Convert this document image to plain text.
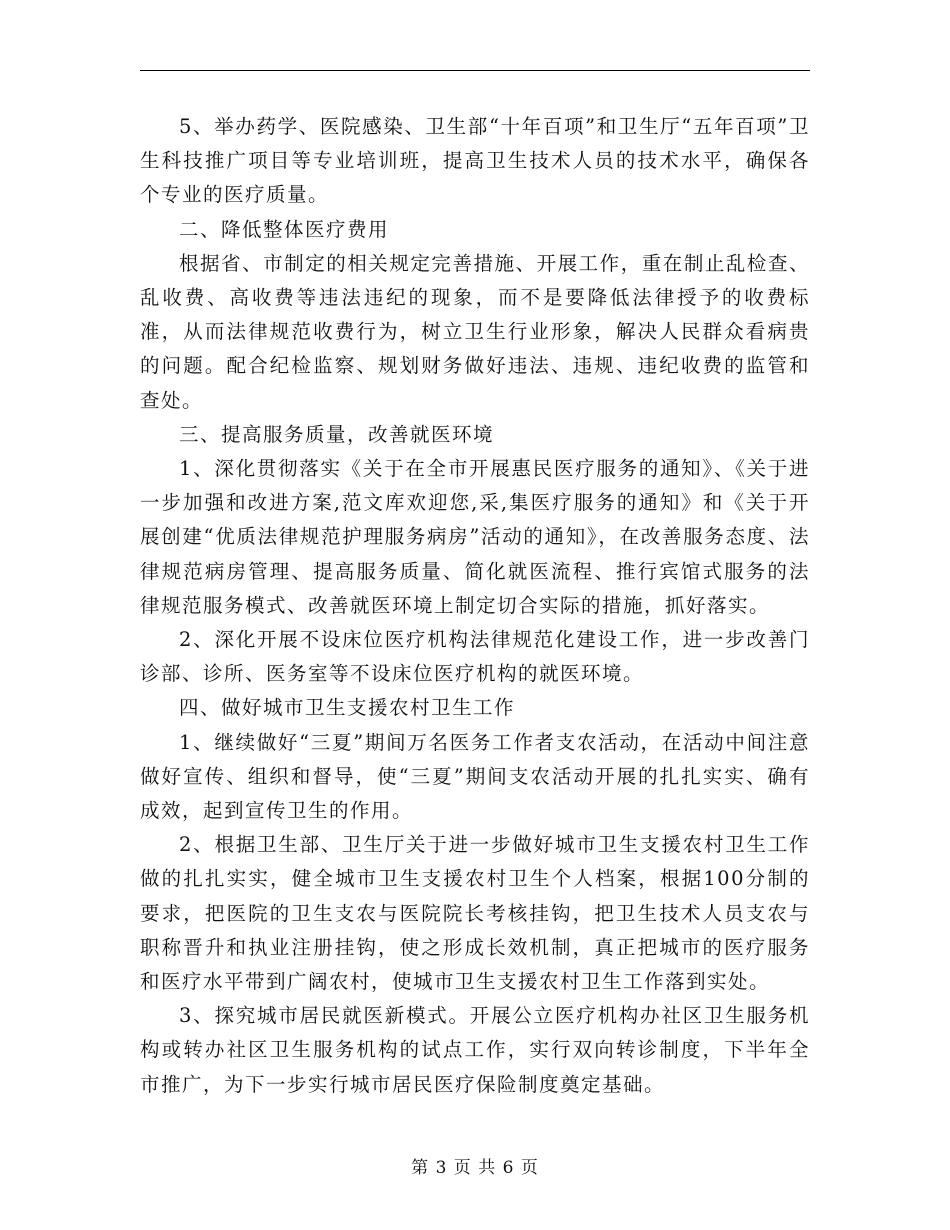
5、举办药学、医院感染、卫生部“十年百项”和卫生厅“五年百项”卫生科技推广项目等专业培训班，提高卫生技术人员的技术水平，确保各个专业的医疗质量。

二、降低整体医疗费用

根据省、市制定的相关规定完善措施、开展工作，重在制止乱检查、乱收费、高收费等违法违纪的现象，而不是要降低法律授予的收费标准，从而法律规范收费行为，树立卫生行业形象，解决人民群众看病贵的问题。配合纪检监察、规划财务做好违法、违规、违纪收费的监管和查处。

三、提高服务质量，改善就医环境

1、深化贯彻落实《关于在全市开展惠民医疗服务的通知》、《关于进一步加强和改进方案,范文库欢迎您,采,集医疗服务的通知》和《关于开展创建“优质法律规范护理服务病房”活动的通知》，在改善服务态度、法律规范病房管理、提高服务质量、简化就医流程、推行宾馆式服务的法律规范服务模式、改善就医环境上制定切合实际的措施，抓好落实。

2、深化开展不设床位医疗机构法律规范化建设工作，进一步改善门诊部、诊所、医务室等不设床位医疗机构的就医环境。

四、做好城市卫生支援农村卫生工作

1、继续做好“三夏”期间万名医务工作者支农活动，在活动中间注意做好宣传、组织和督导，使“三夏”期间支农活动开展的扎扎实实、确有成效，起到宣传卫生的作用。

2、根据卫生部、卫生厅关于进一步做好城市卫生支援农村卫生工作做的扎扎实实，健全城市卫生支援农村卫生个人档案，根据100分制的要求，把医院的卫生支农与医院院长考核挂钩，把卫生技术人员支农与职称晋升和执业注册挂钩，使之形成长效机制，真正把城市的医疗服务和医疗水平带到广阔农村，使城市卫生支援农村卫生工作落到实处。

3、探究城市居民就医新模式。开展公立医疗机构办社区卫生服务机构或转办社区卫生服务机构的试点工作，实行双向转诊制度，下半年全市推广，为下一步实行城市居民医疗保险制度奠定基础。

第 3 页 共 6 页
